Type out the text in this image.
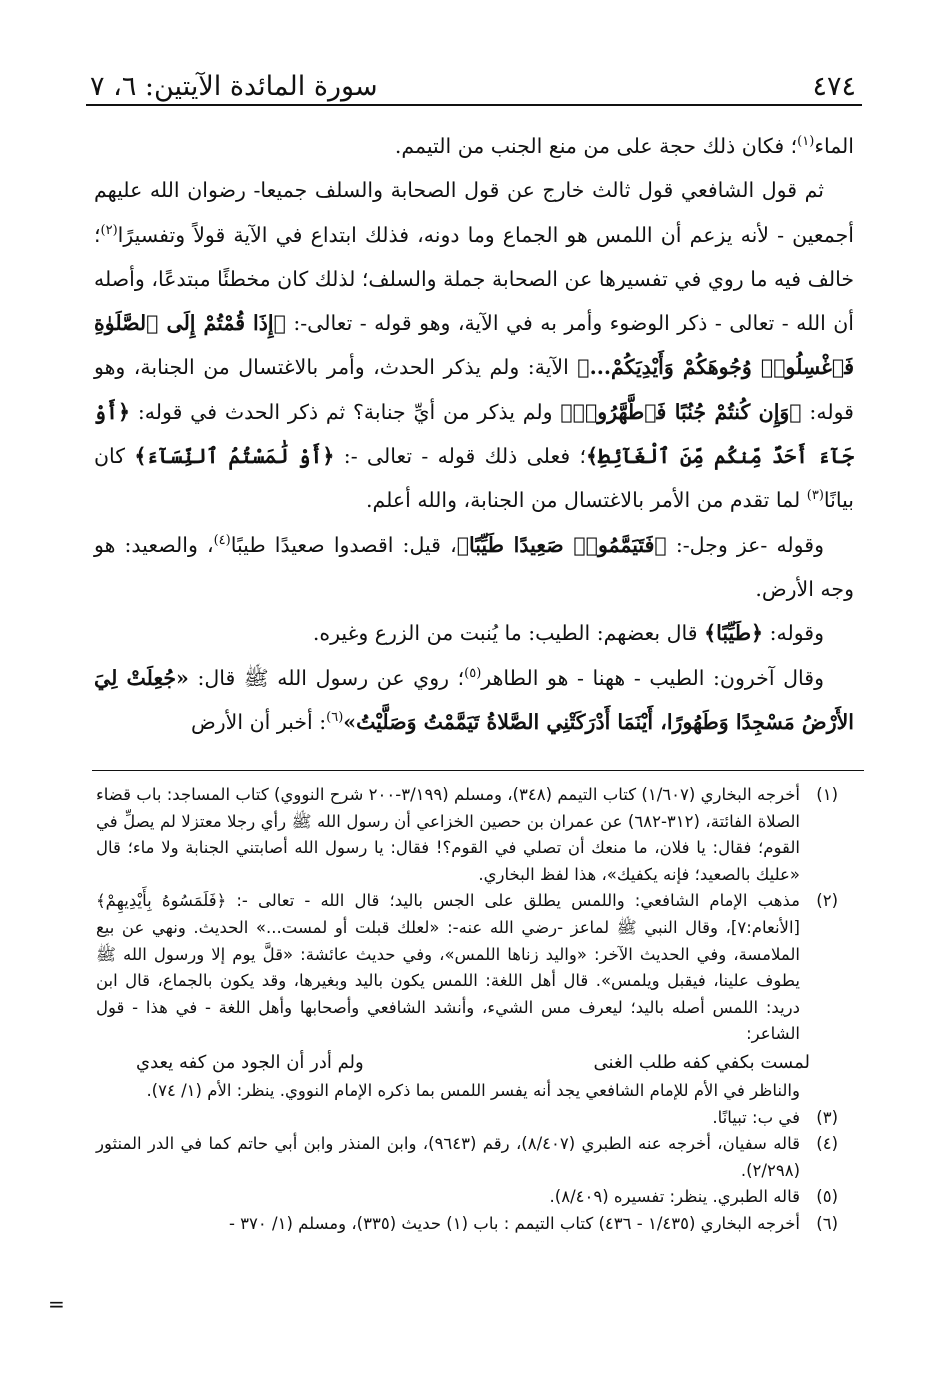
٤٧٤
سورة المائدة الآيتين: ٦، ٧

الماء$^{(١)}$؛ فكان ذلك حجة على من منع الجنب من التيمم.

ثم قول الشافعي قول ثالث خارج عن قول الصحابة والسلف جميعا- رضوان الله عليهم أجمعين - لأنه يزعم أن اللمس هو الجماع وما دونه، فذلك ابتداع في الآية قولاً وتفسيرًا$^{(٢)}$؛ خالف فيه ما روي في تفسيرها عن الصحابة جملة والسلف؛ لذلك كان مخطئًا مبتدعًا، وأصله أن الله - تعالى - ذكر الوضوء وأمر به في الآية، وهو قوله - تعالى-: ﴿إِذَا قُمْتُمْ إِلَى ٱلصَّلَوٰةِ فَٱغْسِلُوا۟ وُجُوهَكُمْ وَأَيْدِيَكُمْ...﴾ الآية: ولم يذكر الحدث، وأمر بالاغتسال من الجنابة، وهو قوله: ﴿وَإِن كُنتُمْ جُنُبًا فَٱطَّهَّرُوا۟﴾ ولم يذكر من أيِّ جنابة؟ ثم ذكر الحدث في قوله: ﴿أَوْ جَآءَ أَحَدٌ مِّنكُم مِّنَ ٱلْغَآئِطِ﴾؛ فعلى ذلك قوله - تعالى -: ﴿أَوْ لَٰمَسْتُمُ ٱلنِّسَآءَ﴾ كان بيانًا$^{(٣)}$ لما تقدم من الأمر بالاغتسال من الجنابة، والله أعلم.

وقوله -عز وجل-: ﴿فَتَيَمَّمُوا۟ صَعِيدًا طَيِّبًا﴾، قيل: اقصدوا صعيدًا طيبًا$^{(٤)}$، والصعيد: هو وجه الأرض.

وقوله: ﴿طَيِّبًا﴾ قال بعضهم: الطيب: ما يُنبت من الزرع وغيره.

وقال آخرون: الطيب - ههنا - هو الطاهر$^{(٥)}$؛ روي عن رسول الله ﷺ قال: «جُعِلَتْ لِيَ الأَرْضُ مَسْجِدًا وَطَهُورًا، أَيْنَمَا أَدْرَكَتْنِي الصَّلاةُ تَيَمَّمْتُ وَصَلَّيْتُ»$^{(٦)}$: أخبر أن الأرض

(١)
أخرجه البخاري (١/٦٠٧) كتاب التيمم (٣٤٨)، ومسلم (٣/١٩٩-٢٠٠ شرح النووي) كتاب المساجد: باب قضاء الصلاة الفائتة، (٣١٢-٦٨٢) عن عمران بن حصين الخزاعي أن رسول الله ﷺ رأي رجلا معتزلا لم يصلِّ في القوم؛ فقال: يا فلان، ما منعك أن تصلي في القوم؟! فقال: يا رسول الله أصابتني الجنابة ولا ماء؛ قال «عليك بالصعيد؛ فإنه يكفيك»، هذا لفظ البخاري.
(٢)
مذهب الإمام الشافعي: واللمس يطلق على الجس باليد؛ قال الله - تعالى -: ﴿فَلَمَسُوهُ بِأَيْدِيهِمْ﴾[الأنعام:٧]، وقال النبي ﷺ لماعز -رضي الله عنه-: «لعلك قبلت أو لمست...» الحديث. ونهي عن بيع الملامسة، وفي الحديث الآخر: «واليد زناها اللمس»، وفي حديث عائشة: «قلَّ يوم إلا ورسول الله ﷺ يطوف علينا، فيقبل ويلمس». قال أهل اللغة: اللمس يكون باليد وبغيرها، وقد يكون بالجماع، قال ابن دريد: اللمس أصله باليد؛ ليعرف مس الشيء، وأنشد الشافعي وأصحابها وأهل اللغة - في هذا - قول الشاعر:
لمست بكفي كفه طلب الغنى
ولم أدر أن الجود من كفه يعدي
والناظر في الأم للإمام الشافعي يجد أنه يفسر اللمس بما ذكره الإمام النووي. ينظر: الأم (١/ ٧٤).
(٣)
في ب: تبيانًا.
(٤)
قاله سفيان، أخرجه عنه الطبري (٨/٤٠٧)، رقم (٩٦٤٣)، وابن المنذر وابن أبي حاتم كما في الدر المنثور (٢/٢٩٨).
(٥)
قاله الطبري. ينظر: تفسيره (٨/٤٠٩).
(٦)
أخرجه البخاري (١/٤٣٥ - ٤٣٦) كتاب التيمم : باب (١) حديث (٣٣٥)، ومسلم (١/ ٣٧٠ -
=
